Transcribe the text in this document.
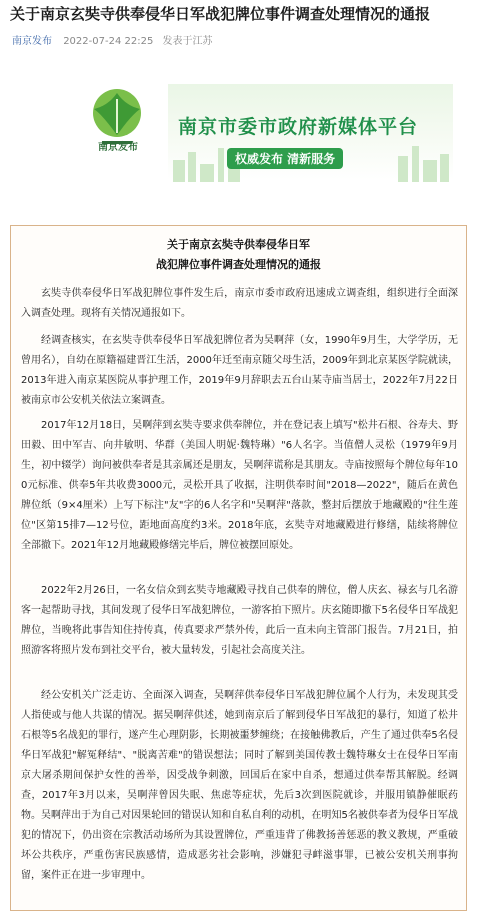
关于南京玄奘寺供奉侵华日军战犯牌位事件调查处理情况的通报
南京发布 2022-07-24 22:25 发表于江苏
南京发布
南京市委市政府新媒体平台
权威发布 清新服务
关于南京玄奘寺供奉侵华日军
战犯牌位事件调查处理情况的通报

玄奘寺供奉侵华日军战犯牌位事件发生后，南京市委市政府迅速成立调查组，组织进行全面深入调查处理。现将有关情况通报如下。

经调查核实，在玄奘寺供奉侵华日军战犯牌位者为吴啊萍（女，1990年9月生，大学学历，无曾用名），自幼在原籍福建晋江生活，2000年迁至南京随父母生活，2009年到北京某医学院就读，2013年进入南京某医院从事护理工作，2019年9月辞职去五台山某寺庙当居士，2022年7月22日被南京市公安机关依法立案调查。

2017年12月18日，吴啊萍到玄奘寺要求供奉牌位，并在登记表上填写"松井石根、谷寿夫、野田毅、田中军吉、向井敏明、华群（美国人明妮·魏特琳）"6人名字。当值僧人灵松（1979年9月生，初中辍学）询问被供奉者是其亲属还是朋友，吴啊萍谎称是其朋友。寺庙按照每个牌位每年100元标准、供奉5年共收费3000元，灵松开具了收据，注明供奉时间"2018—2022"，随后在黄色牌位纸（9×4厘米）上写下标注"友"字的6人名字和"吴啊萍"落款，整封后摆放于地藏殿的"往生莲位"区第15排7—12号位，距地面高度约3米。2018年底，玄奘寺对地藏殿进行修缮，陆续将牌位全部撤下。2021年12月地藏殿修缮完毕后，牌位被摆回原处。

2022年2月26日，一名女信众到玄奘寺地藏殿寻找自己供奉的牌位，僧人庆玄、禄玄与几名游客一起帮助寻找，其间发现了侵华日军战犯牌位，一游客拍下照片。庆玄随即撤下5名侵华日军战犯牌位，当晚将此事告知住持传真，传真要求严禁外传，此后一直未向主管部门报告。7月21日，拍照游客将照片发布到社交平台，被大量转发，引起社会高度关注。

经公安机关广泛走访、全面深入调查，吴啊萍供奉侵华日军战犯牌位属个人行为，未发现其受人指使或与他人共谋的情况。据吴啊萍供述，她到南京后了解到侵华日军战犯的暴行，知道了松井石根等5名战犯的罪行，遂产生心理阴影，长期被噩梦缠绕；在接触佛教后，产生了通过供奉5名侵华日军战犯"解冤释结"、"脱离苦难"的错误想法；同时了解到美国传教士魏特琳女士在侵华日军南京大屠杀期间保护女性的善举，因受战争刺激，回国后在家中自杀，想通过供奉帮其解脱。经调查，2017年3月以来，吴啊萍曾因失眠、焦虑等症状，先后3次到医院就诊，并服用镇静催眠药物。吴啊萍出于为自己对因果轮回的错误认知和自私自利的动机，在明知5名被供奉者为侵华日军战犯的情况下，仍出资在宗教活动场所为其设置牌位，严重违背了佛教扬善惩恶的教义教规，严重破坏公共秩序，严重伤害民族感情，造成恶劣社会影响，涉嫌犯寻衅滋事罪，已被公安机关刑事拘留，案件正在进一步审理中。
